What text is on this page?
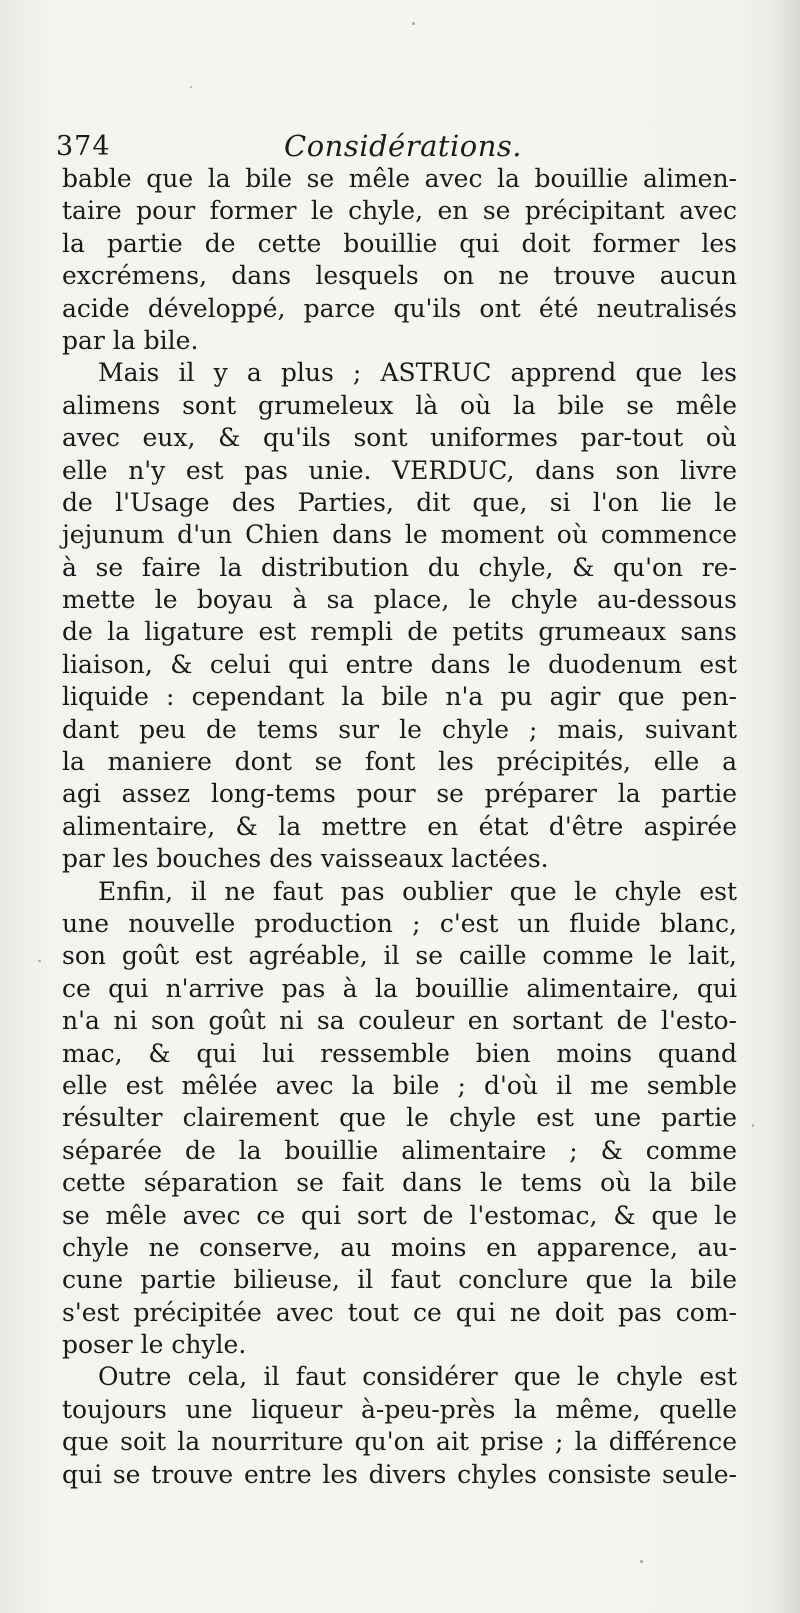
374	Considérations.
bable que la bile se mêle avec la bouillie alimen-
taire pour former le chyle, en se précipitant avec
la partie de cette bouillie qui doit former les
excrémens, dans lesquels on ne trouve aucun
acide développé, parce qu'ils ont été neutralisés
par la bile.
Mais il y a plus ; ASTRUC apprend que les
alimens sont grumeleux là où la bile se mêle
avec eux, & qu'ils sont uniformes par-tout où
elle n'y est pas unie. VERDUC, dans son livre
de l'Usage des Parties, dit que, si l'on lie le
jejunum d'un Chien dans le moment où commence
à se faire la distribution du chyle, & qu'on re-
mette le boyau à sa place, le chyle au-dessous
de la ligature est rempli de petits grumeaux sans
liaison, & celui qui entre dans le duodenum est
liquide : cependant la bile n'a pu agir que pen-
dant peu de tems sur le chyle ; mais, suivant
la maniere dont se font les précipités, elle a
agi assez long-tems pour se préparer la partie
alimentaire, & la mettre en état d'être aspirée
par les bouches des vaisseaux lactées.
Enfin, il ne faut pas oublier que le chyle est
une nouvelle production ; c'est un fluide blanc,
son goût est agréable, il se caille comme le lait,
ce qui n'arrive pas à la bouillie alimentaire, qui
n'a ni son goût ni sa couleur en sortant de l'esto-
mac, & qui lui ressemble bien moins quand
elle est mêlée avec la bile ; d'où il me semble
résulter clairement que le chyle est une partie
séparée de la bouillie alimentaire ; & comme
cette séparation se fait dans le tems où la bile
se mêle avec ce qui sort de l'estomac, & que le
chyle ne conserve, au moins en apparence, au-
cune partie bilieuse, il faut conclure que la bile
s'est précipitée avec tout ce qui ne doit pas com-
poser le chyle.
Outre cela, il faut considérer que le chyle est
toujours une liqueur à-peu-près la même, quelle
que soit la nourriture qu'on ait prise ; la différence
qui se trouve entre les divers chyles consiste seule-
